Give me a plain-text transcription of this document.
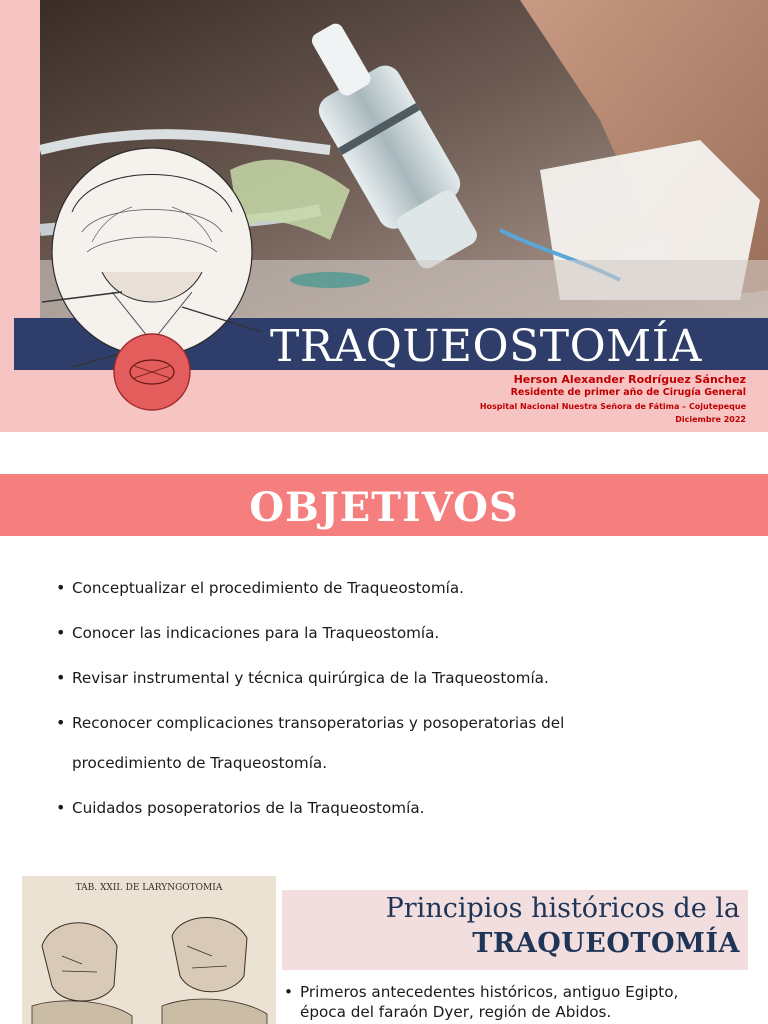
TRAQUEOSTOMÍA
Herson Alexander Rodríguez Sánchez
Residente de primer año de Cirugía General
Hospital Nacional Nuestra Señora de Fátima – Cojutepeque
Diciembre 2022
OBJETIVOS
• Conceptualizar el procedimiento de Traqueostomía.
• Conocer las indicaciones para la Traqueostomía.
• Revisar instrumental y técnica quirúrgica de la Traqueostomía.
• Reconocer complicaciones transoperatorias y posoperatorias del
procedimiento de Traqueostomía.
• Cuidados posoperatorios de la Traqueostomía.
TAB. XXII. DE LARYNGOTOMIA
Principios históricos de la
TRAQUEOTOMÍA
• Primeros antecedentes históricos, antiguo Egipto,
época del faraón Dyer, región de Abidos.
